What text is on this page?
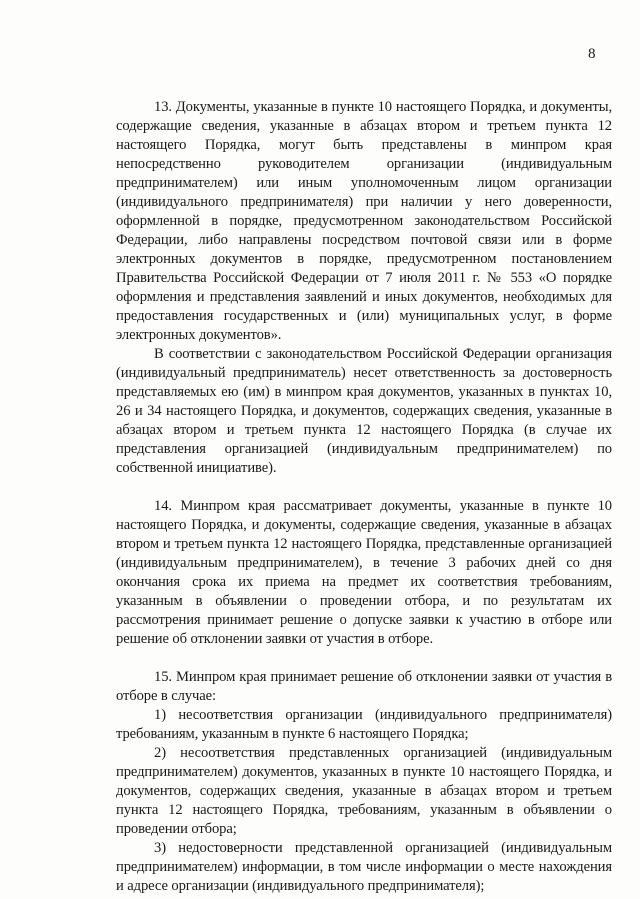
8

13. Документы, указанные в пункте 10 настоящего Порядка, и документы, содержащие сведения, указанные в абзацах втором и третьем пункта 12 настоящего Порядка, могут быть представлены в минпром края непосредственно руководителем организации (индивидуальным предпринимателем) или иным уполномоченным лицом организации (индивидуального предпринимателя) при наличии у него доверенности, оформленной в порядке, предусмотренном законодательством Российской Федерации, либо направлены посредством почтовой связи или в форме электронных документов в порядке, предусмотренном постановлением Правительства Российской Федерации от 7 июля 2011 г. № 553 «О порядке оформления и представления заявлений и иных документов, необходимых для предоставления государственных и (или) муниципальных услуг, в форме электронных документов».

В соответствии с законодательством Российской Федерации организация (индивидуальный предприниматель) несет ответственность за достоверность представляемых ею (им) в минпром края документов, указанных в пунктах 10, 26 и 34 настоящего Порядка, и документов, содержащих сведения, указанные в абзацах втором и третьем пункта 12 настоящего Порядка (в случае их представления организацией (индивидуальным предпринимателем) по собственной инициативе).

14. Минпром края рассматривает документы, указанные в пункте 10 настоящего Порядка, и документы, содержащие сведения, указанные в абзацах втором и третьем пункта 12 настоящего Порядка, представленные организацией (индивидуальным предпринимателем), в течение 3 рабочих дней со дня окончания срока их приема на предмет их соответствия требованиям, указанным в объявлении о проведении отбора, и по результатам их рассмотрения принимает решение о допуске заявки к участию в отборе или решение об отклонении заявки от участия в отборе.

15. Минпром края принимает решение об отклонении заявки от участия в отборе в случае:

1) несоответствия организации (индивидуального предпринимателя) требованиям, указанным в пункте 6 настоящего Порядка;

2) несоответствия представленных организацией (индивидуальным предпринимателем) документов, указанных в пункте 10 настоящего Порядка, и документов, содержащих сведения, указанные в абзацах втором и третьем пункта 12 настоящего Порядка, требованиям, указанным в объявлении о проведении отбора;

3) недостоверности представленной организацией (индивидуальным предпринимателем) информации, в том числе информации о месте нахождения и адресе организации (индивидуального предпринимателя);
